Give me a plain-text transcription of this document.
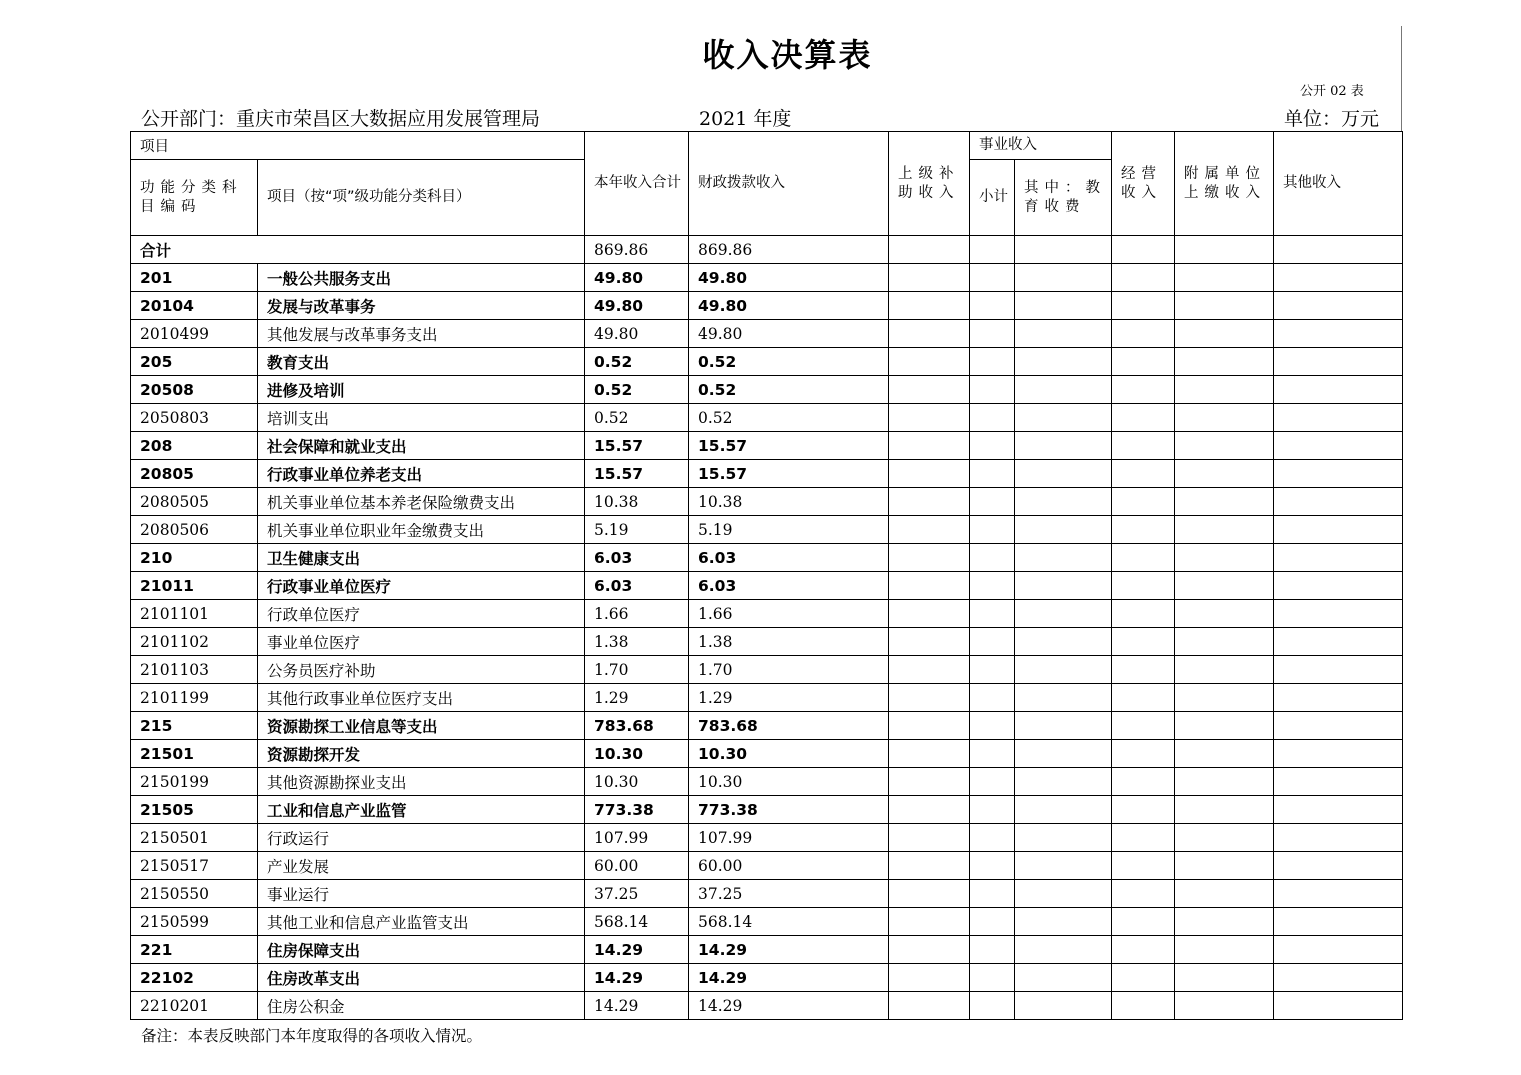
收入决算表
公开 02 表
公开部门：重庆市荣昌区大数据应用发展管理局	2021 年度	单位：万元
项目		本年收入合计	财政拨款收入	上级补助收入	事业收入		经营收入	附属单位上缴收入	其他收入
功能分类科目编码	项目（按“项”级功能分类科目）				小计	其中：教育收费			

合计		869.86	869.86						
201	一般公共服务支出	49.80	49.80						
20104	发展与改革事务	49.80	49.80						
2010499	其他发展与改革事务支出	49.80	49.80						
205	教育支出	0.52	0.52						
20508	进修及培训	0.52	0.52						
2050803	培训支出	0.52	0.52						
208	社会保障和就业支出	15.57	15.57						
20805	行政事业单位养老支出	15.57	15.57						
2080505	机关事业单位基本养老保险缴费支出	10.38	10.38						
2080506	机关事业单位职业年金缴费支出	5.19	5.19						
210	卫生健康支出	6.03	6.03						
21011	行政事业单位医疗	6.03	6.03						
2101101	行政单位医疗	1.66	1.66						
2101102	事业单位医疗	1.38	1.38						
2101103	公务员医疗补助	1.70	1.70						
2101199	其他行政事业单位医疗支出	1.29	1.29						
215	资源勘探工业信息等支出	783.68	783.68						
21501	资源勘探开发	10.30	10.30						
2150199	其他资源勘探业支出	10.30	10.30						
21505	工业和信息产业监管	773.38	773.38						
2150501	行政运行	107.99	107.99						
2150517	产业发展	60.00	60.00						
2150550	事业运行	37.25	37.25						
2150599	其他工业和信息产业监管支出	568.14	568.14						
221	住房保障支出	14.29	14.29						
22102	住房改革支出	14.29	14.29						
2210201	住房公积金	14.29	14.29						
备注：本表反映部门本年度取得的各项收入情况。
